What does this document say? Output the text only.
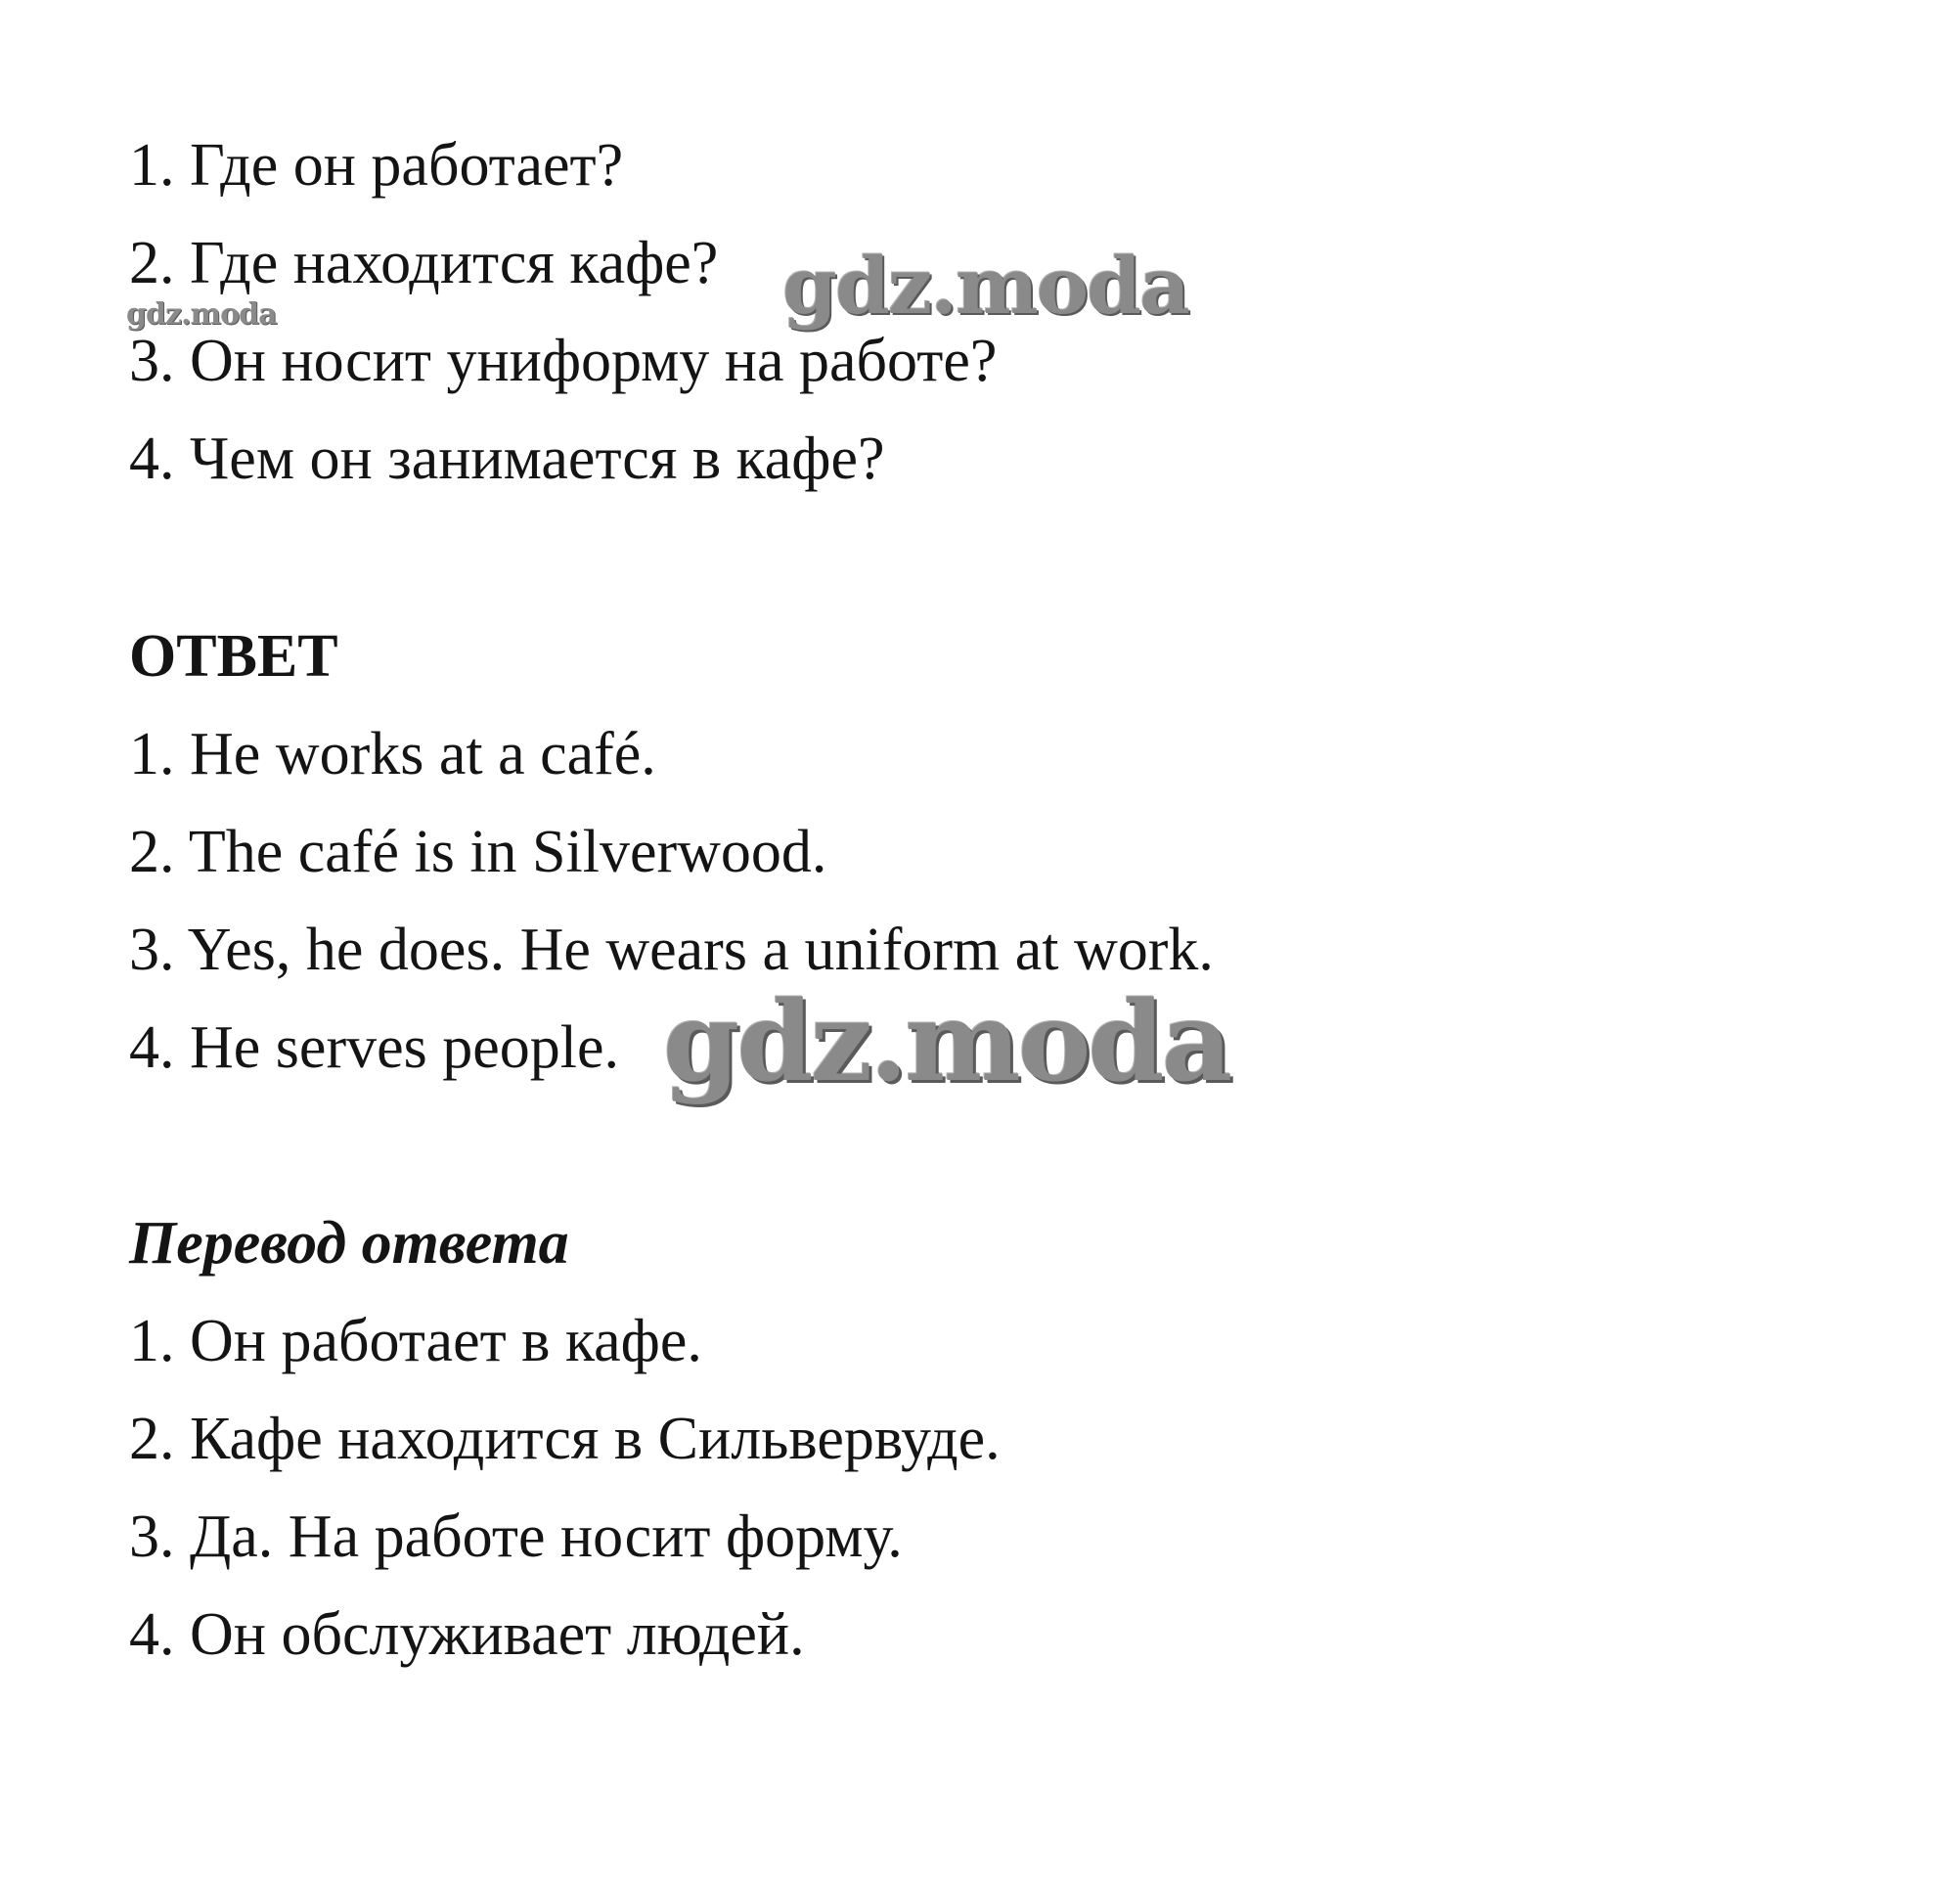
1. Где он работает?
2. Где находится кафе?
3. Он носит униформу на работе?
4. Чем он занимается в кафе?
ОТВЕТ
1. He works at a café.
2. The café is in Silverwood.
3. Yes, he does. He wears a uniform at work.
4. He serves people.
Перевод ответа
1. Он работает в кафе.
2. Кафе находится в Сильвервуде.
3. Да. На работе носит форму.
4. Он обслуживает людей.
gdz.moda
gdz.moda
gdz.moda
